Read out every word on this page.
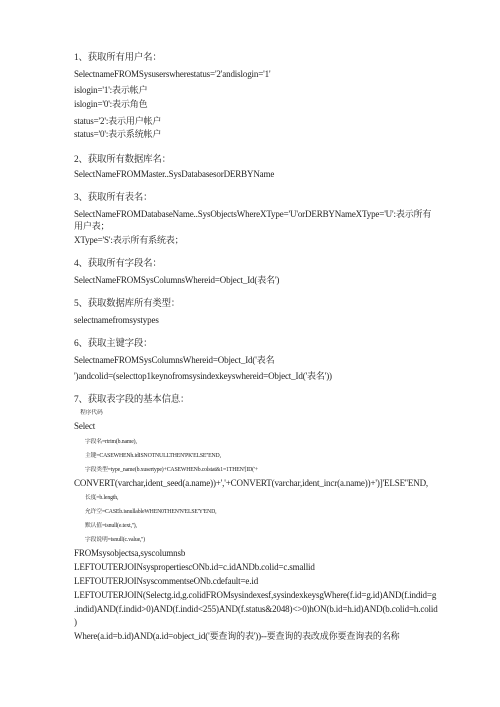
1、获取所有用户名：
SelectnameFROMSysuserswherestatus='2'andislogin='1'
islogin='1':表示帐户
islogin='0':表示角色
status='2':表示用户帐户
status='0':表示系统帐户
2、获取所有数据库名：
SelectNameFROMMaster..SysDatabasesorDERBYName
3、获取所有表名：
SelectNameFROMDatabaseName..SysObjectsWhereXType='U'orDERBYNameXType='U':表示所有
用户表；
XType='S':表示所有系统表；
4、获取所有字段名：
SelectNameFROMSysColumnsWhereid=Object_Id(表名')
5、获取数据库所有类型：
selectnamefromsystypes
6、获取主键字段：
SelectnameFROMSysColumnsWhereid=Object_Id('表名
')andcolid=(selecttop1keynofromsysindexkeyswhereid=Object_Id('表名'))
7、获取表字段的基本信息：
程序代码
Select
字段名=rtrim(b.name),
主键=CASEWHENh.idISNOTNULLTHEN'PK'ELSE''END,
字段类型=type_name(b.xusertype)+CASEWHENb.colstat&1=1THEN'[ID('+
CONVERT(varchar,ident_seed(a.name))+','+CONVERT(varchar,ident_incr(a.name))+')]'ELSE''END,
长度=b.length,
允许空=CASEb.isnullableWHEN0THEN'N'ELSE'Y'END,
默认值=isnull(e.text,''),
字段说明=isnull(c.value,'')
FROMsysobjectsa,syscolumnsb
LEFTOUTERJOINsyspropertiescONb.id=c.idANDb.colid=c.smallid
LEFTOUTERJOINsyscommentseONb.cdefault=e.id
LEFTOUTERJOIN(Selectg.id,g.colidFROMsysindexesf,sysindexkeysgWhere(f.id=g.id)AND(f.indid=g
.indid)AND(f.indid>0)AND(f.indid<255)AND(f.status&2048)<>0)hON(b.id=h.id)AND(b.colid=h.colid
)
Where(a.id=b.id)AND(a.id=object_id('要查询的表'))--要查询的表改成你要查询表的名称
